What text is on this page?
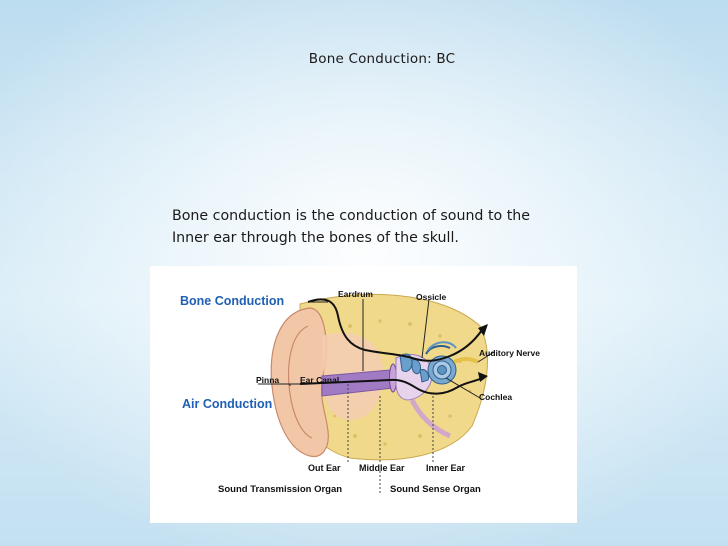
Bone Conduction: BC

Bone conduction is the conduction of sound to the

Inner ear through the bones of the skull.

Bone Conduction
Air Conduction
Eardrum	Ossicle
Auditory Nerve
Cochlea
Pinna Ear Canal
Out Ear Middle Ear Inner Ear
Sound Transmission Organ	Sound Sense Organ
